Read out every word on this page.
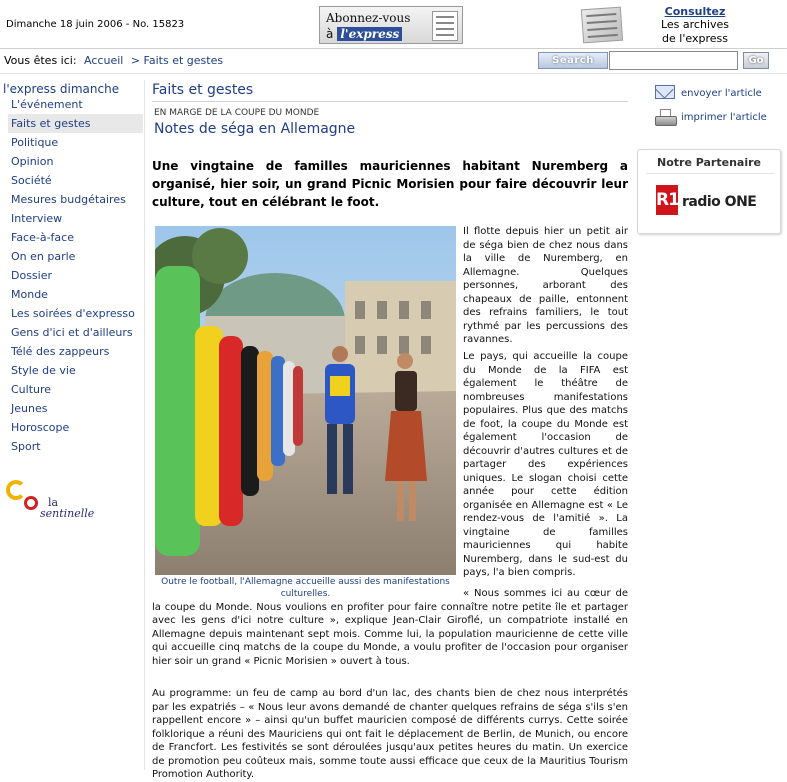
Dimanche 18 juin 2006 - No. 15823	Abonnez-vous
à l'express
Consultez
Les archives
de l'express
Vous êtes ici: Accueil > Faits et gestes	Search	Go
l'express dimanche
L'événement
Faits et gestes
Politique
Opinion
Société
Mesures budgétaires
Interview
Face-à-face
On en parle
Dossier
Monde
Les soirées d'expresso
Gens d'ici et d'ailleurs
Télé des zappeurs
Style de vie
Culture
Jeunes
Horoscope
Sport
la
sentinelle
Faits et gestes
EN MARGE DE LA COUPE DU MONDE
Notes de séga en Allemagne
Une vingtaine de familles mauriciennes habitant Nuremberg a organisé, hier soir, un grand Picnic Morisien pour faire découvrir leur culture, tout en célébrant le foot.
Outre le football, l'Allemagne accueille aussi des manifestations culturelles.
Il flotte depuis hier un petit air de séga bien de chez nous dans la ville de Nuremberg, en Allemagne. Quelques personnes, arborant des chapeaux de paille, entonnent des refrains familiers, le tout rythmé par les percussions des ravannes.
Le pays, qui accueille la coupe du Monde de la FIFA est également le théâtre de nombreuses manifestations populaires. Plus que des matchs de foot, la coupe du Monde est également l'occasion de découvrir d'autres cultures et de partager des expériences uniques. Le slogan choisi cette année pour cette édition organisée en Allemagne est « Le rendez-vous de l'amitié ». La vingtaine de familles mauriciennes qui habite Nuremberg, dans le sud-est du pays, l'a bien compris.
« Nous sommes ici au cœur de la coupe du Monde. Nous voulions en profiter pour faire connaître notre petite île et partager avec les gens d'ici notre culture », explique Jean-Clair Giroflé, un compatriote installé en Allemagne depuis maintenant sept mois. Comme lui, la population mauricienne de cette ville qui accueille cinq matchs de la coupe du Monde, a voulu profiter de l'occasion pour organiser hier soir un grand « Picnic Morisien » ouvert à tous.
Au programme: un feu de camp au bord d'un lac, des chants bien de chez nous interprétés par les expatriés – « Nous leur avons demandé de chanter quelques refrains de séga s'ils s'en rappellent encore » – ainsi qu'un buffet mauricien composé de différents currys. Cette soirée folklorique a réuni des Mauriciens qui ont fait le déplacement de Berlin, de Munich, ou encore de Francfort. Les festivités se sont déroulées jusqu'aux petites heures du matin. Un exercice de promotion peu coûteux mais, somme toute aussi efficace que ceux de la Mauritius Tourism Promotion Authority.
envoyer l'article
imprimer l'article
Notre Partenaire
R1 radio ONE
